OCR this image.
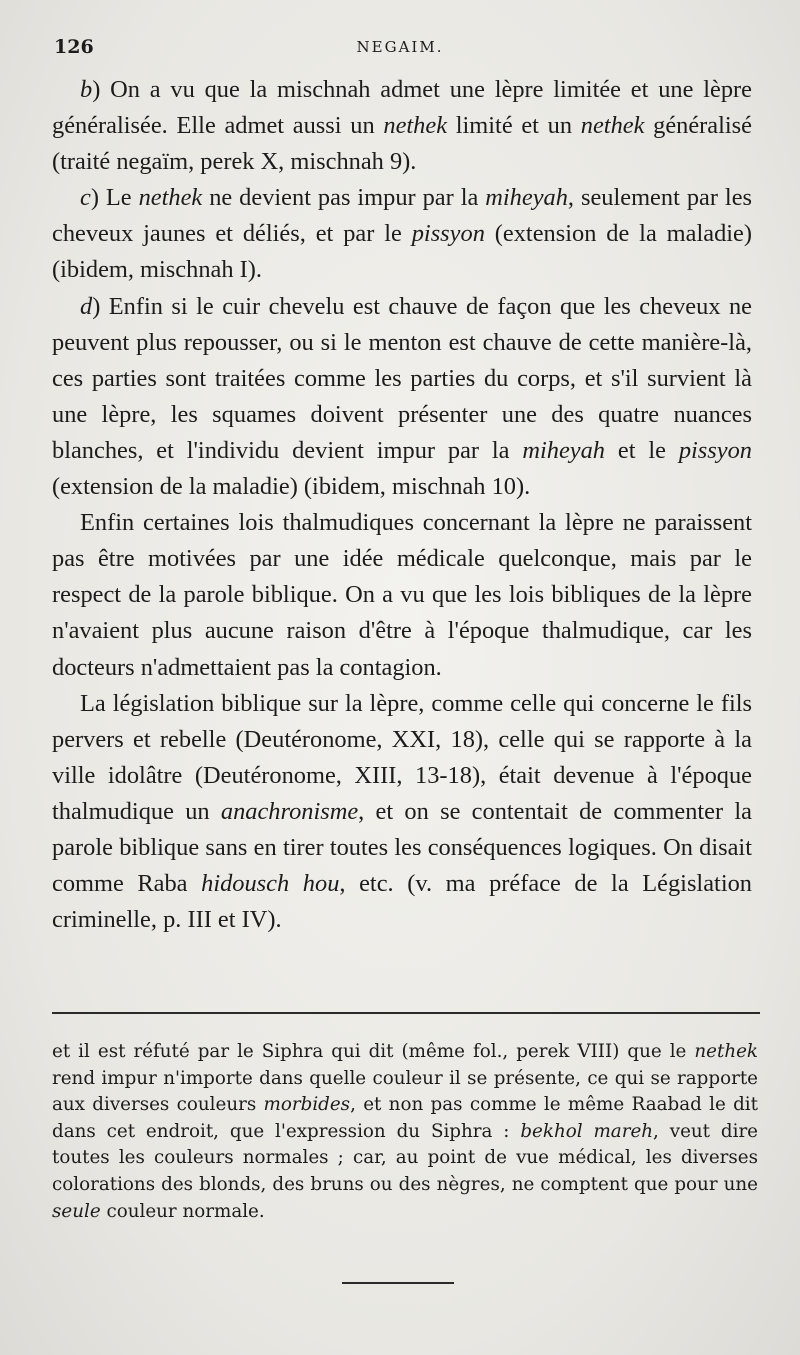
126	NEGAIM.

b) On a vu que la mischnah admet une lèpre limitée et une lèpre généralisée. Elle admet aussi un nethek limité et un nethek généralisé (traité negaïm, perek X, mischnah 9).

c) Le nethek ne devient pas impur par la miheyah, seulement par les cheveux jaunes et déliés, et par le pissyon (extension de la maladie) (ibidem, mischnah I).

d) Enfin si le cuir chevelu est chauve de façon que les cheveux ne peuvent plus repousser, ou si le menton est chauve de cette manière-là, ces parties sont traitées comme les parties du corps, et s'il survient là une lèpre, les squames doivent présenter une des quatre nuances blanches, et l'individu devient impur par la miheyah et le pissyon (extension de la maladie) (ibidem, mischnah 10).

Enfin certaines lois thalmudiques concernant la lèpre ne paraissent pas être motivées par une idée médicale quelconque, mais par le respect de la parole biblique. On a vu que les lois bibliques de la lèpre n'avaient plus aucune raison d'être à l'époque thalmudique, car les docteurs n'admettaient pas la contagion.

La législation biblique sur la lèpre, comme celle qui concerne le fils pervers et rebelle (Deutéronome, XXI, 18), celle qui se rapporte à la ville idolâtre (Deutéronome, XIII, 13-18), était devenue à l'époque thalmudique un anachronisme, et on se contentait de commenter la parole biblique sans en tirer toutes les conséquences logiques. On disait comme Raba hidousch hou, etc. (v. ma préface de la Législation criminelle, p. III et IV).

et il est réfuté par le Siphra qui dit (même fol., perek VIII) que le nethek rend impur n'importe dans quelle couleur il se présente, ce qui se rapporte aux diverses couleurs morbides, et non pas comme le même Raabad le dit dans cet endroit, que l'expression du Siphra : bekhol mareh, veut dire toutes les couleurs normales ; car, au point de vue médical, les diverses colorations des blonds, des bruns ou des nègres, ne comptent que pour une seule couleur normale.
